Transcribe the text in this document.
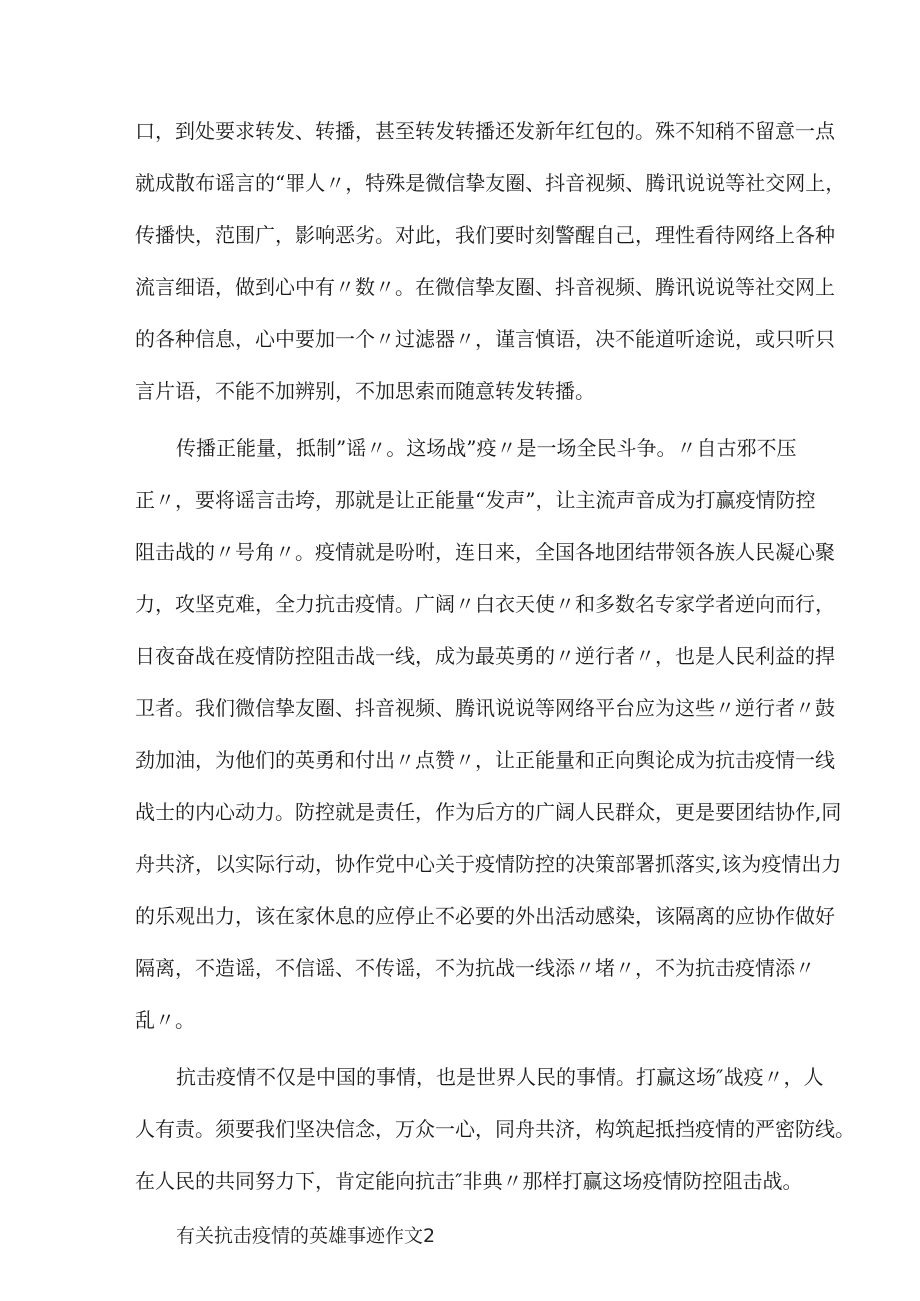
口，到处要求转发、转播，甚至转发转播还发新年红包的。殊不知稍不留意一点
就成散布谣言的“罪人〃，特殊是微信挚友圈、抖音视频、腾讯说说等社交网上，
传播快，范围广，影响恶劣。对此，我们要时刻警醒自己，理性看待网络上各种
流言细语，做到心中有〃数〃。在微信挚友圈、抖音视频、腾讯说说等社交网上
的各种信息，心中要加一个〃过滤器〃，谨言慎语，决不能道听途说，或只听只
言片语，不能不加辨别，不加思索而随意转发转播。
传播正能量，抵制”谣〃。这场战”疫〃是一场全民斗争。〃自古邪不压
正〃，要将谣言击垮，那就是让正能量“发声”，让主流声音成为打赢疫情防控
阻击战的〃号角〃。疫情就是吩咐，连日来，全国各地团结带领各族人民凝心聚
力，攻坚克难，全力抗击疫情。广阔〃白衣天使〃和多数名专家学者逆向而行，
日夜奋战在疫情防控阻击战一线，成为最英勇的〃逆行者〃，也是人民利益的捍
卫者。我们微信挚友圈、抖音视频、腾讯说说等网络平台应为这些〃逆行者〃鼓
劲加油，为他们的英勇和付出〃点赞〃，让正能量和正向舆论成为抗击疫情一线
战士的内心动力。防控就是责任，作为后方的广阔人民群众，更是要团结协作,同
舟共济，以实际行动，协作党中心关于疫情防控的决策部署抓落实,该为疫情出力
的乐观出力，该在家休息的应停止不必要的外出活动感染，该隔离的应协作做好
隔离，不造谣，不信谣、不传谣，不为抗战一线添〃堵〃，不为抗击疫情添〃
乱〃。
抗击疫情不仅是中国的事情，也是世界人民的事情。打赢这场″战疫〃，人
人有责。须要我们坚决信念，万众一心，同舟共济，构筑起抵挡疫情的严密防线。
在人民的共同努力下，肯定能向抗击″非典〃那样打赢这场疫情防控阻击战。
有关抗击疫情的英雄事迹作文2
